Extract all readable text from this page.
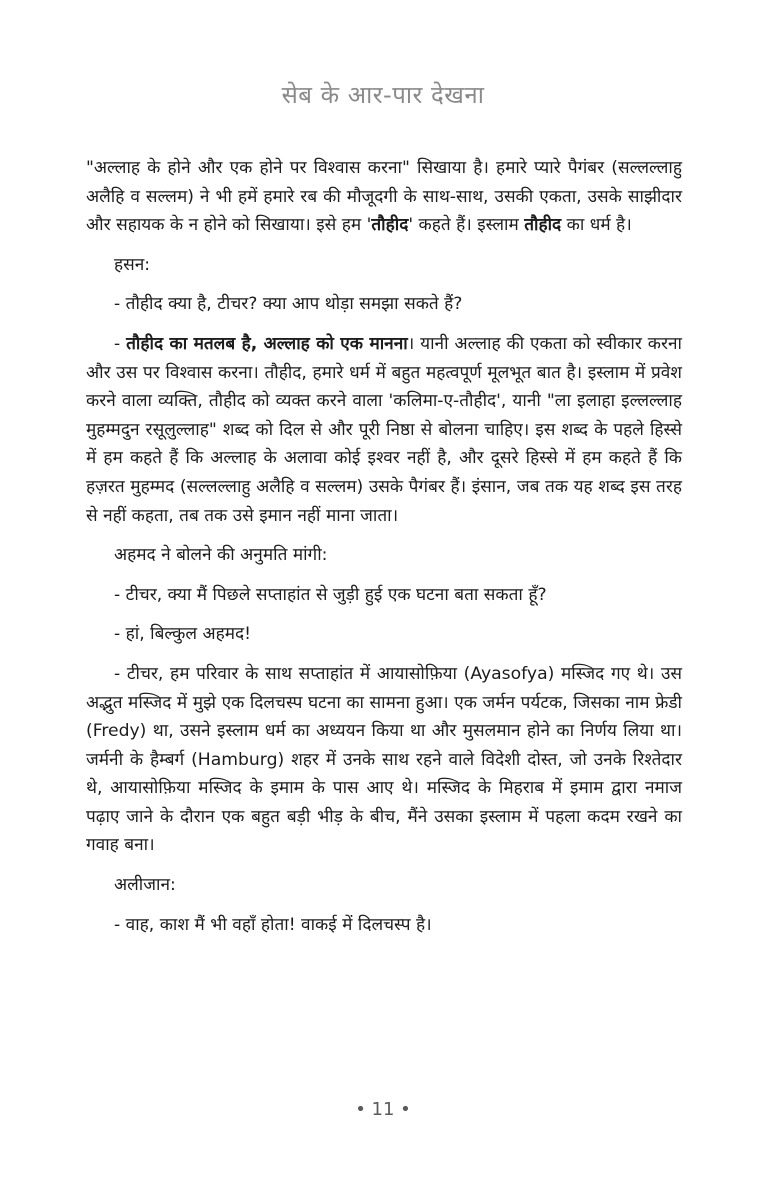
सेब के आर-पार देखना

"अल्लाह के होने और एक होने पर विश्वास करना" सिखाया है। हमारे प्यारे पैगंबर (सल्लल्लाहु अलैहि व सल्लम) ने भी हमें हमारे रब की मौजूदगी के साथ-साथ, उसकी एकता, उसके साझीदार और सहायक के न होने को सिखाया। इसे हम 'तौहीद' कहते हैं। इस्लाम तौहीद का धर्म है।

हसन:

- तौहीद क्या है, टीचर? क्या आप थोड़ा समझा सकते हैं?

- तौहीद का मतलब है, अल्लाह को एक मानना। यानी अल्लाह की एकता को स्वीकार करना और उस पर विश्वास करना। तौहीद, हमारे धर्म में बहुत महत्वपूर्ण मूलभूत बात है। इस्लाम में प्रवेश करने वाला व्यक्ति, तौहीद को व्यक्त करने वाला 'कलिमा-ए-तौहीद', यानी "ला इलाहा इल्लल्लाह मुहम्मदुन रसूलुल्लाह" शब्द को दिल से और पूरी निष्ठा से बोलना चाहिए। इस शब्द के पहले हिस्से में हम कहते हैं कि अल्लाह के अलावा कोई इश्वर नहीं है, और दूसरे हिस्से में हम कहते हैं कि हज़रत मुहम्मद (सल्लल्लाहु अलैहि व सल्लम) उसके पैगंबर हैं। इंसान, जब तक यह शब्द इस तरह से नहीं कहता, तब तक उसे इमान नहीं माना जाता।

अहमद ने बोलने की अनुमति मांगी:

- टीचर, क्या मैं पिछले सप्ताहांत से जुड़ी हुई एक घटना बता सकता हूँ?

- हां, बिल्कुल अहमद!

- टीचर, हम परिवार के साथ सप्ताहांत में आयासोफ़िया (Ayasofya) मस्जिद गए थे। उस अद्भुत मस्जिद में मुझे एक दिलचस्प घटना का सामना हुआ। एक जर्मन पर्यटक, जिसका नाम फ्रेडी (Fredy) था, उसने इस्लाम धर्म का अध्ययन किया था और मुसलमान होने का निर्णय लिया था। जर्मनी के हैम्बर्ग (Hamburg) शहर में उनके साथ रहने वाले विदेशी दोस्त, जो उनके रिश्तेदार थे, आयासोफ़िया मस्जिद के इमाम के पास आए थे। मस्जिद के मिहराब में इमाम द्वारा नमाज पढ़ाए जाने के दौरान एक बहुत बड़ी भीड़ के बीच, मैंने उसका इस्लाम में पहला कदम रखने का गवाह बना।

अलीजान:

- वाह, काश मैं भी वहाँ होता! वाकई में दिलचस्प है।

• 11 •
